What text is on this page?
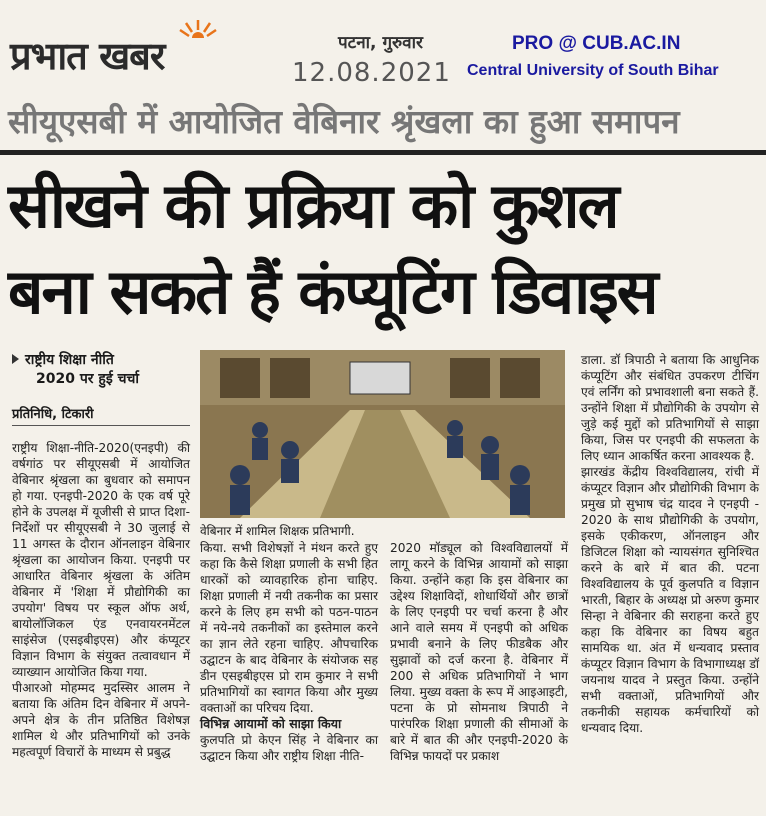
प्रभात खबर	पटना, गुरुवार
12.08.2021
PRO @ CUB.AC.IN
Central University of South Bihar
सीयूएसबी में आयोजित वेबिनार श्रृंखला का हुआ समापन
सीखने की प्रक्रिया को कुशल
बना सकते हैं कंप्यूटिंग डिवाइस
राष्ट्रीय शिक्षा नीति
2020 पर हुई चर्चा
प्रतिनिधि, टिकारी
राष्ट्रीय शिक्षा-नीति-2020(एनइपी) की वर्षगांठ पर सीयूएसबी में आयोजित वेबिनार श्रृंखला का बुधवार को समापन हो गया. एनइपी-2020 के एक वर्ष पूरे होने के उपलक्ष में यूजीसी से प्राप्त दिशा-निर्देशों पर सीयूएसबी ने 30 जुलाई से 11 अगस्त के दौरान ऑनलाइन वेबिनार श्रृंखला का आयोजन किया. एनइपी पर आधारित वेबिनार श्रृंखला के अंतिम वेबिनार में 'शिक्षा में प्रौद्योगिकी का उपयोग' विषय पर स्कूल ऑफ अर्थ, बायोलॉजिकल एंड एनवायरनमेंटल साइंसेज (एसइबीइएस) और कंप्यूटर विज्ञान विभाग के संयुक्त तत्वावधान में व्याख्यान आयोजित किया गया.
पीआरओ मोहम्मद मुदस्सिर आलम ने बताया कि अंतिम दिन वेबिनार में अपने-अपने क्षेत्र के तीन प्रतिष्ठित विशेषज्ञ शामिल थे और प्रतिभागियों को उनके महत्वपूर्ण विचारों के माध्यम से प्रबुद्ध
वेबिनार में शामिल शिक्षक प्रतिभागी.
किया. सभी विशेषज्ञों ने मंथन करते हुए कहा कि कैसे शिक्षा प्रणाली के सभी हित धारकों को व्यावहारिक होना चाहिए. शिक्षा प्रणाली में नयी तकनीक का प्रसार करने के लिए हम सभी को पठन-पाठन में नये-नये तकनीकों का इस्तेमाल करने का ज्ञान लेते रहना चाहिए. औपचारिक उद्घाटन के बाद वेबिनार के संयोजक सह डीन एसइबीइएस प्रो राम कुमार ने सभी प्रतिभागियों का स्वागत किया और मुख्य वक्ताओं का परिचय दिया.
विभिन्न आयामों को साझा किया
कुलपति प्रो केएन सिंह ने वेबिनार का उद्घाटन किया और राष्ट्रीय शिक्षा नीति-
2020 मॉड्यूल को विश्वविद्यालयों में लागू करने के विभिन्न आयामों को साझा किया. उन्होंने कहा कि इस वेबिनार का उद्देश्य शिक्षाविदों, शोधार्थियों और छात्रों के लिए एनइपी पर चर्चा करना है और आने वाले समय में एनइपी को अधिक प्रभावी बनाने के लिए फीडबैक और सुझावों को दर्ज करना है. वेबिनार में 200 से अधिक प्रतिभागियों ने भाग लिया. मुख्य वक्ता के रूप में आइआइटी, पटना के प्रो सोमनाथ त्रिपाठी ने पारंपरिक शिक्षा प्रणाली की सीमाओं के बारे में बात की और एनइपी-2020 के विभिन्न फायदों पर प्रकाश
डाला. डॉ त्रिपाठी ने बताया कि आधुनिक कंप्यूटिंग और संबंधित उपकरण टीचिंग एवं लर्निंग को प्रभावशाली बना सकते हैं. उन्होंने शिक्षा में प्रौद्योगिकी के उपयोग से जुड़े कई मुद्दों को प्रतिभागियों से साझा किया, जिस पर एनइपी की सफलता के लिए ध्यान आकर्षित करना आवश्यक है.
झारखंड केंद्रीय विश्वविद्यालय, रांची में कंप्यूटर विज्ञान और प्रौद्योगिकी विभाग के प्रमुख प्रो सुभाष चंद्र यादव ने एनइपी - 2020 के साथ प्रौद्योगिकी के उपयोग, इसके एकीकरण, ऑनलाइन और डिजिटल शिक्षा को न्यायसंगत सुनिश्चित करने के बारे में बात की. पटना विश्वविद्यालय के पूर्व कुलपति व विज्ञान भारती, बिहार के अध्यक्ष प्रो अरुण कुमार सिन्हा ने वेबिनार की सराहना करते हुए कहा कि वेबिनार का विषय बहुत सामयिक था. अंत में धन्यवाद प्रस्ताव कंप्यूटर विज्ञान विभाग के विभागाध्यक्ष डॉ जयनाथ यादव ने प्रस्तुत किया. उन्होंने सभी वक्ताओं, प्रतिभागियों और तकनीकी सहायक कर्मचारियों को धन्यवाद दिया.
